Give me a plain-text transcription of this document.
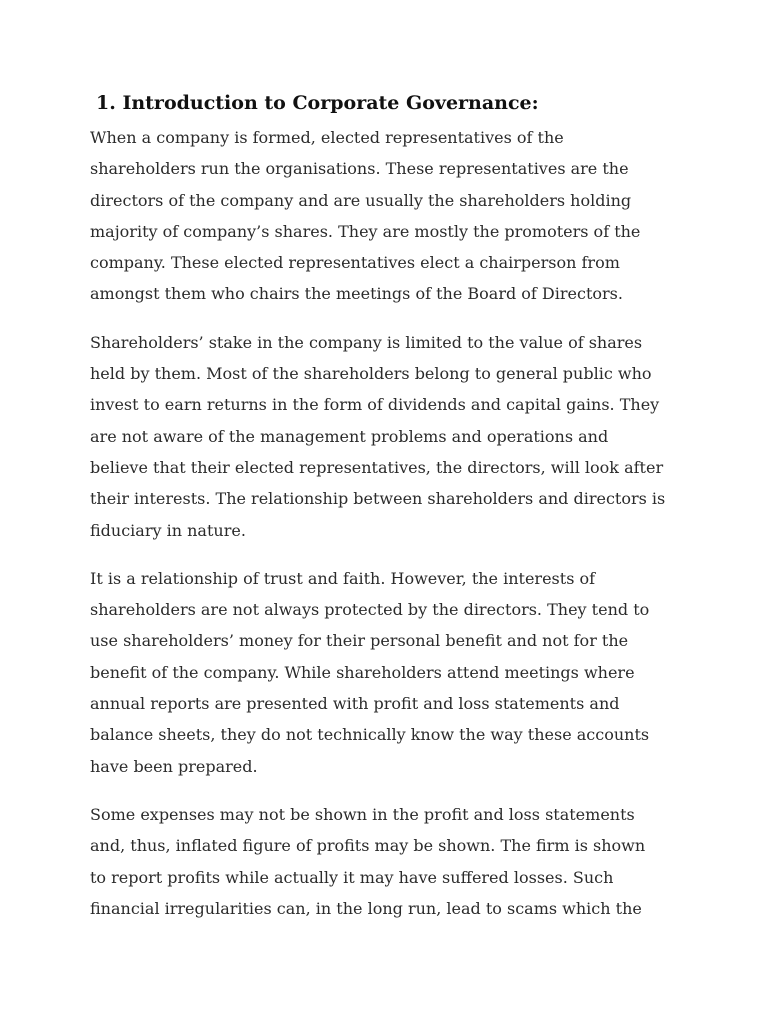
1. Introduction to Corporate Governance:

When a company is formed, elected representatives of the
shareholders run the organisations. These representatives are the
directors of the company and are usually the shareholders holding
majority of company’s shares. They are mostly the promoters of the
company. These elected representatives elect a chairperson from
amongst them who chairs the meetings of the Board of Directors.

Shareholders’ stake in the company is limited to the value of shares
held by them. Most of the shareholders belong to general public who
invest to earn returns in the form of dividends and capital gains. They
are not aware of the management problems and operations and
believe that their elected representatives, the directors, will look after
their interests. The relationship between shareholders and directors is
fiduciary in nature.

It is a relationship of trust and faith. However, the interests of
shareholders are not always protected by the directors. They tend to
use shareholders’ money for their personal benefit and not for the
benefit of the company. While shareholders attend meetings where
annual reports are presented with profit and loss statements and
balance sheets, they do not technically know the way these accounts
have been prepared.

Some expenses may not be shown in the profit and loss statements
and, thus, inflated figure of profits may be shown. The firm is shown
to report profits while actually it may have suffered losses. Such
financial irregularities can, in the long run, lead to scams which the
